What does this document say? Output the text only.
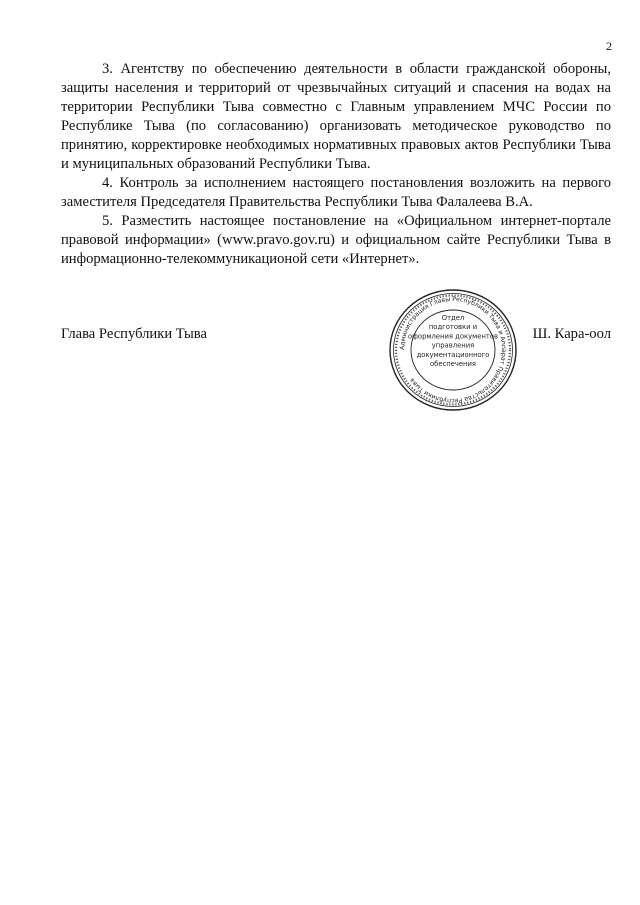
2

3. Агентству по обеспечению деятельности в области гражданской обороны, защиты населения и территорий от чрезвычайных ситуаций и спасения на водах на территории Республики Тыва совместно с Главным управлением МЧС России по Республике Тыва (по согласованию) организовать методическое руководство по принятию, корректировке необходимых нормативных правовых актов Республики Тыва и муниципальных образований Республики Тыва.

4. Контроль за исполнением настоящего постановления возложить на первого заместителя Председателя Правительства Республики Тыва Фалалеева В.А.

5. Разместить настоящее постановление на «Официальном интернет-портале правовой информации» (www.pravo.gov.ru) и официальном сайте Республики Тыва в информационно-телекоммуникационой сети «Интернет».

Глава Республики Тыва	Ш. Кара-оол
Администрация Главы Республики Тыва и Аппарат Правительства Республики Тыва
Отдел подготовки и оформления документов управления документационного обеспечения
